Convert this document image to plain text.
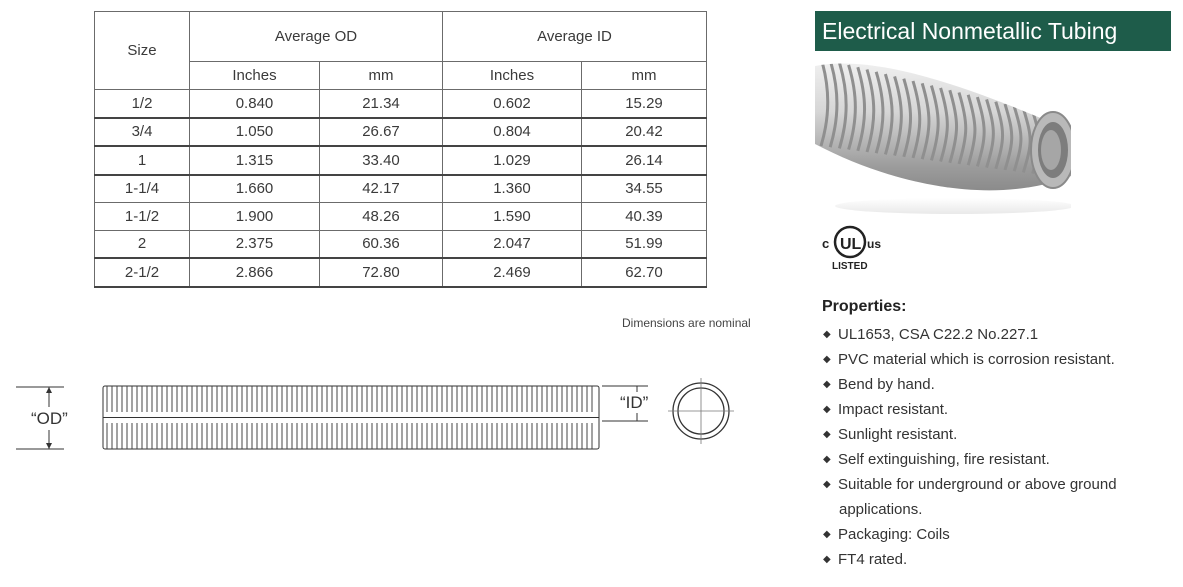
Size	Average OD		Average ID	
	Inches	mm	Inches	mm
1/2	0.840	21.34	0.602	15.29
3/4	1.050	26.67	0.804	20.42
1	1.315	33.40	1.029	26.14
1-1/4	1.660	42.17	1.360	34.55
1-1/2	1.900	48.26	1.590	40.39
2	2.375	60.36	2.047	51.99
2-1/2	2.866	72.80	2.469	62.70
Dimensions are nominal
“OD”
“ID”
Electrical Nonmetallic Tubing
c UL us
LISTED
Properties:
◆ UL1653, CSA C22.2 No.227.1
◆ PVC material which is corrosion resistant.
◆ Bend by hand.
◆ Impact resistant.
◆ Sunlight resistant.
◆ Self extinguishing, fire resistant.
◆ Suitable for underground or above ground
applications.
◆ Packaging: Coils
◆ FT4 rated.
